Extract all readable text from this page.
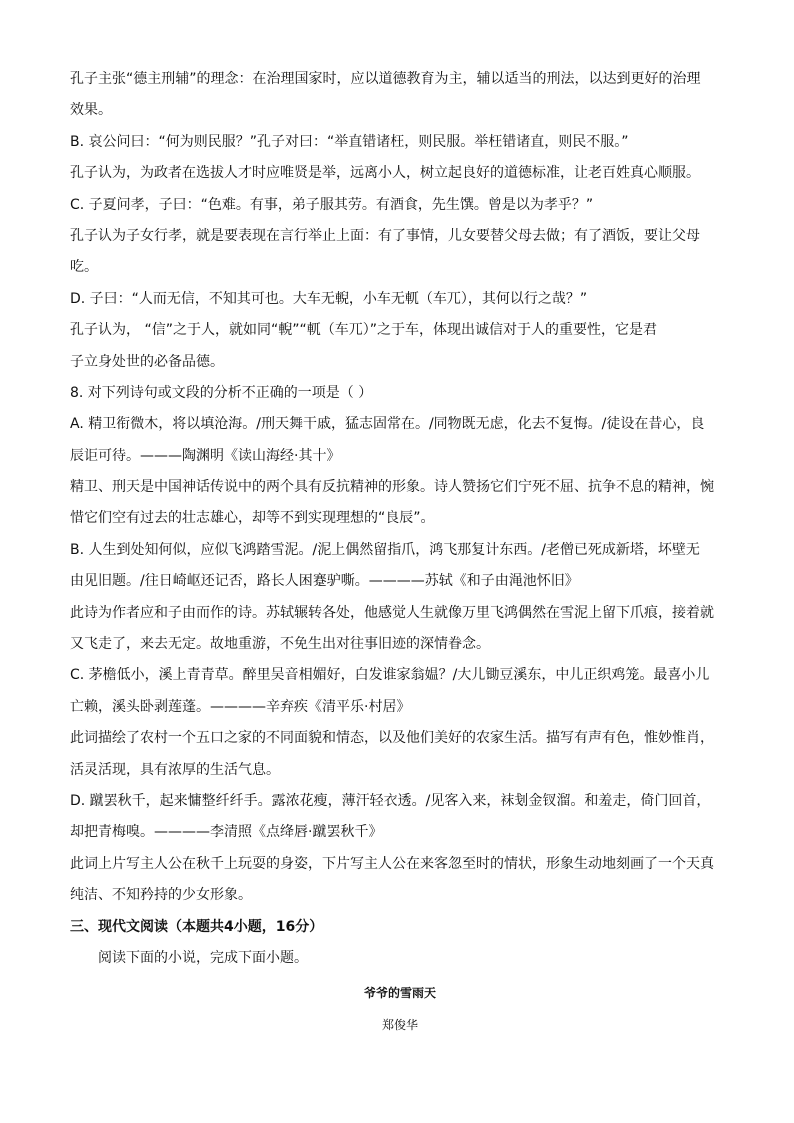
孔子主张“德主刑辅”的理念：在治理国家时，应以道德教育为主，辅以适当的刑法，以达到更好的治理
效果。
B. 哀公问曰：“何为则民服？”孔子对曰：“举直错诸枉，则民服。举枉错诸直，则民不服。”
孔子认为，为政者在选拔人才时应唯贤是举，远离小人，树立起良好的道德标准，让老百姓真心顺服。
C. 子夏问孝，子曰：“色难。有事，弟子服其劳。有酒食，先生馔。曾是以为孝乎？”
孔子认为子女行孝，就是要表现在言行举止上面：有了事情，儿女要替父母去做；有了酒饭，要让父母
吃。
D. 子曰：“人而无信，不知其可也。大车无輗，小车无軏（车兀），其何以行之哉？”
孔子认为， “信”之于人，就如同“輗”“軏（车兀）”之于车，体现出诚信对于人的重要性，它是君
子立身处世的必备品德。
8. 对下列诗句或文段的分析不正确的一项是（ ）
A. 精卫衔微木，将以填沧海。/刑天舞干戚，猛志固常在。/同物既无虑，化去不复悔。/徒设在昔心，良
辰讵可待。———陶渊明《读山海经·其十》
精卫、刑天是中国神话传说中的两个具有反抗精神的形象。诗人赞扬它们宁死不屈、抗争不息的精神，惋
惜它们空有过去的壮志雄心，却等不到实现理想的“良辰”。
B. 人生到处知何似，应似飞鸿踏雪泥。/泥上偶然留指爪，鸿飞那复计东西。/老僧已死成新塔，坏壁无
由见旧题。/往日崎岖还记否，路长人困蹇驴嘶。————苏轼《和子由渑池怀旧》
此诗为作者应和子由而作的诗。苏轼辗转各处，他感觉人生就像万里飞鸿偶然在雪泥上留下爪痕，接着就
又飞走了，来去无定。故地重游，不免生出对往事旧迹的深情眷念。
C. 茅檐低小，溪上青青草。醉里吴音相媚好，白发谁家翁媪？/大儿锄豆溪东，中儿正织鸡笼。最喜小儿
亡赖，溪头卧剥莲蓬。————辛弃疾《清平乐·村居》
此词描绘了农村一个五口之家的不同面貌和情态，以及他们美好的农家生活。描写有声有色，惟妙惟肖，
活灵活现，具有浓厚的生活气息。
D. 蹴罢秋千，起来慵整纤纤手。露浓花瘦，薄汗轻衣透。/见客入来，袜刬金钗溜。和羞走，倚门回首，
却把青梅嗅。————李清照《点绛唇·蹴罢秋千》
此词上片写主人公在秋千上玩耍的身姿，下片写主人公在来客忽至时的情状，形象生动地刻画了一个天真
纯洁、不知矜持的少女形象。
三、现代文阅读（本题共4小题，16分）
阅读下面的小说，完成下面小题。
爷爷的雪雨天
郑俊华
